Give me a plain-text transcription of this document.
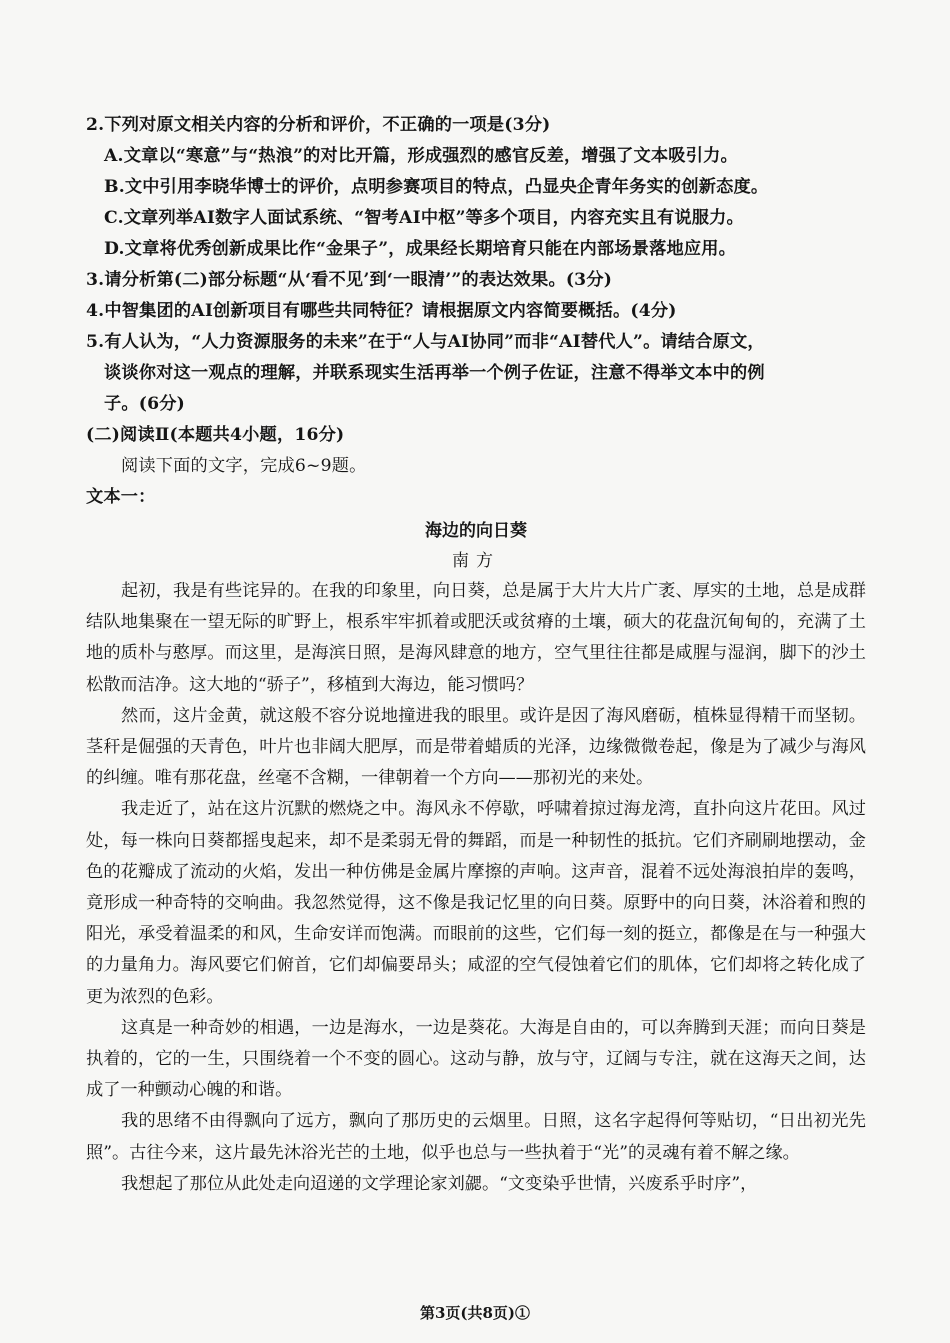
2.下列对原文相关内容的分析和评价，不正确的一项是(3分)
A.文章以“寒意”与“热浪”的对比开篇，形成强烈的感官反差，增强了文本吸引力。
B.文中引用李晓华博士的评价，点明参赛项目的特点，凸显央企青年务实的创新态度。
C.文章列举AI数字人面试系统、“智考AI中枢”等多个项目，内容充实且有说服力。
D.文章将优秀创新成果比作“金果子”，成果经长期培育只能在内部场景落地应用。
3.请分析第(二)部分标题“从‘看不见’到‘一眼清’”的表达效果。(3分)
4.中智集团的AI创新项目有哪些共同特征？请根据原文内容简要概括。(4分)
5.有人认为，“人力资源服务的未来”在于“人与AI协同”而非“AI替代人”。请结合原文，
谈谈你对这一观点的理解，并联系现实生活再举一个例子佐证，注意不得举文本中的例
子。(6分)
(二)阅读Ⅱ(本题共4小题，16分)
阅读下面的文字，完成6~9题。
文本一：
海边的向日葵
南方

起初，我是有些诧异的。在我的印象里，向日葵，总是属于大片大片广袤、厚实的土地，总是成群结队地集聚在一望无际的旷野上，根系牢牢抓着或肥沃或贫瘠的土壤，硕大的花盘沉甸甸的，充满了土地的质朴与憨厚。而这里，是海滨日照，是海风肆意的地方，空气里往往都是咸腥与湿润，脚下的沙土松散而洁净。这大地的“骄子”，移植到大海边，能习惯吗？

然而，这片金黄，就这般不容分说地撞进我的眼里。或许是因了海风磨砺，植株显得精干而坚韧。茎秆是倔强的天青色，叶片也非阔大肥厚，而是带着蜡质的光泽，边缘微微卷起，像是为了减少与海风的纠缠。唯有那花盘，丝毫不含糊，一律朝着一个方向——那初光的来处。

我走近了，站在这片沉默的燃烧之中。海风永不停歇，呼啸着掠过海龙湾，直扑向这片花田。风过处，每一株向日葵都摇曳起来，却不是柔弱无骨的舞蹈，而是一种韧性的抵抗。它们齐刷刷地摆动，金色的花瓣成了流动的火焰，发出一种仿佛是金属片摩擦的声响。这声音，混着不远处海浪拍岸的轰鸣，竟形成一种奇特的交响曲。我忽然觉得，这不像是我记忆里的向日葵。原野中的向日葵，沐浴着和煦的阳光，承受着温柔的和风，生命安详而饱满。而眼前的这些，它们每一刻的挺立，都像是在与一种强大的力量角力。海风要它们俯首，它们却偏要昂头；咸涩的空气侵蚀着它们的肌体，它们却将之转化成了更为浓烈的色彩。

这真是一种奇妙的相遇，一边是海水，一边是葵花。大海是自由的，可以奔腾到天涯；而向日葵是执着的，它的一生，只围绕着一个不变的圆心。这动与静，放与守，辽阔与专注，就在这海天之间，达成了一种颤动心魄的和谐。

我的思绪不由得飘向了远方，飘向了那历史的云烟里。日照，这名字起得何等贴切，“日出初光先照”。古往今来，这片最先沐浴光芒的土地，似乎也总与一些执着于“光”的灵魂有着不解之缘。

我想起了那位从此处走向迢递的文学理论家刘勰。“文变染乎世情，兴废系乎时序”，

第3页(共8页)①
